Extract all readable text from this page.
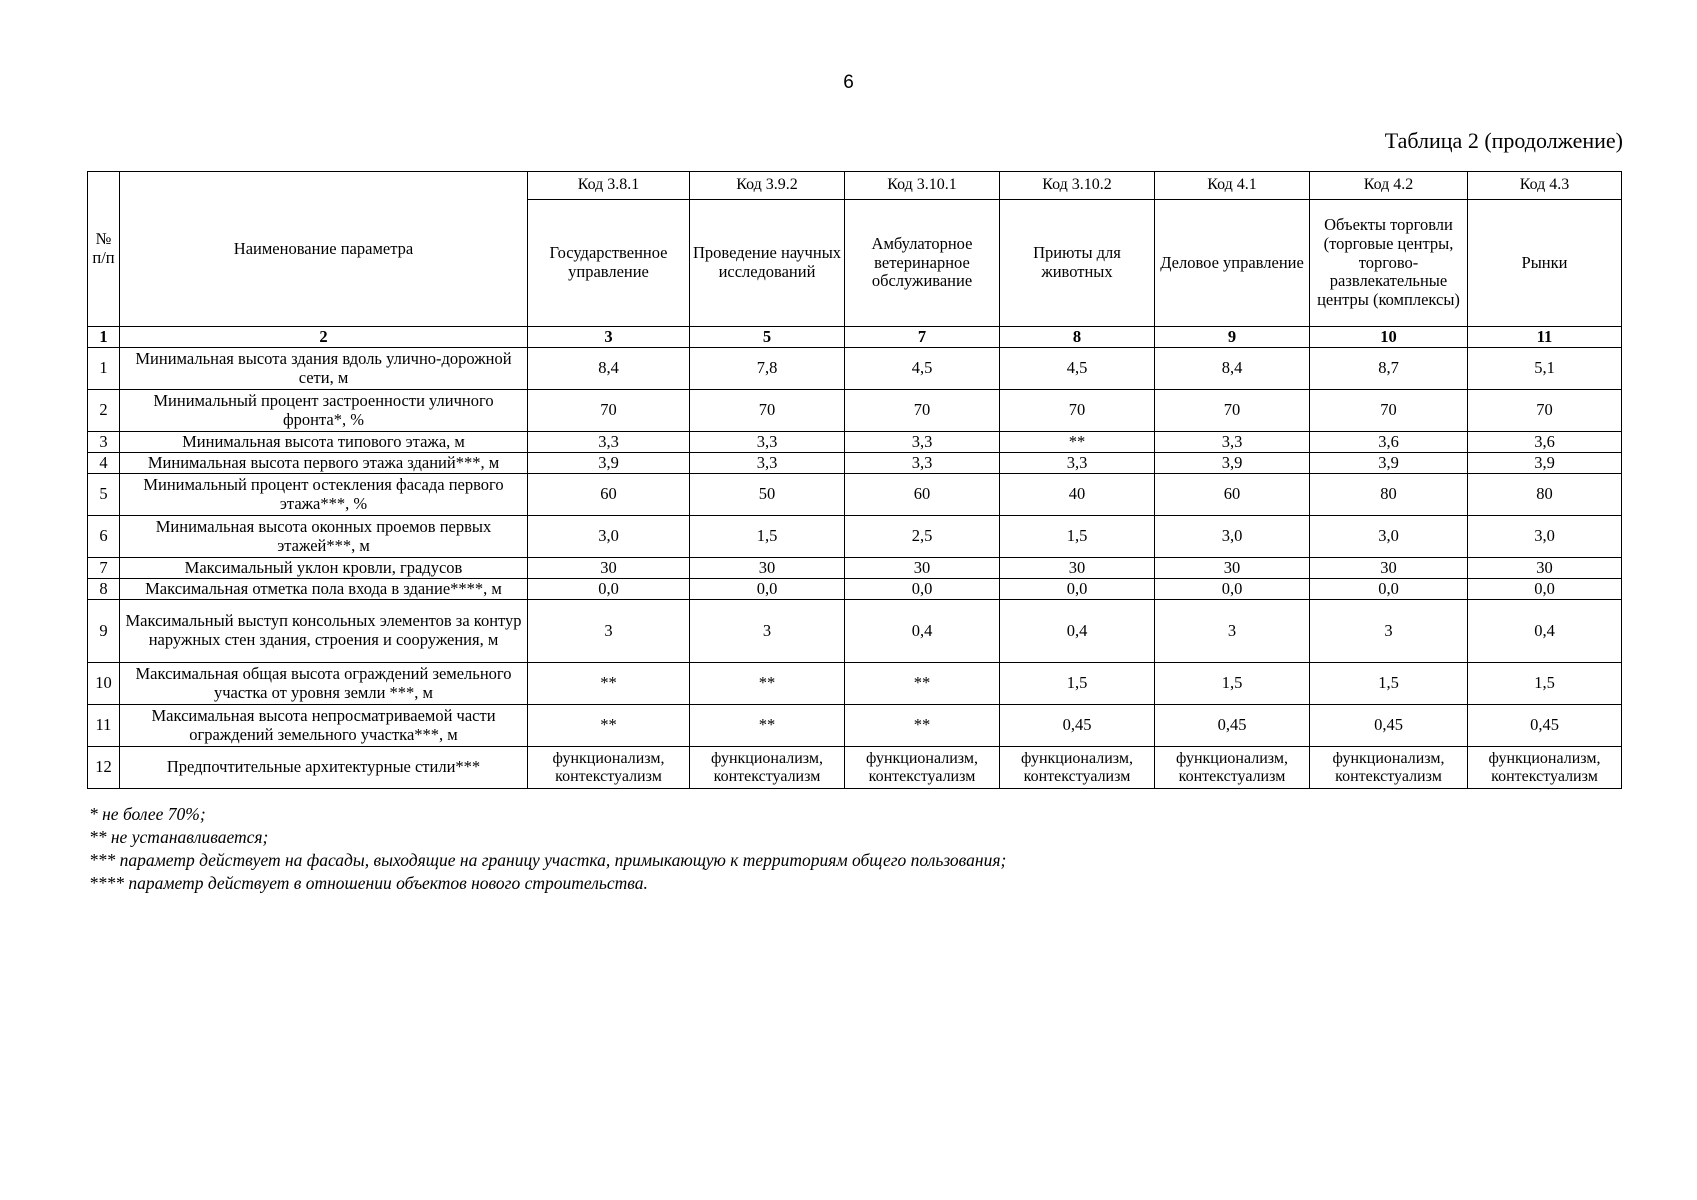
6
Таблица 2 (продолжение)
№ п/п	Наименование параметра	Код 3.8.1	Код 3.9.2	Код 3.10.1	Код 3.10.2	Код 4.1	Код 4.2	Код 4.3
		Государственное управление	Проведение научных исследований	Амбулаторное ветеринарное обслуживание	Приюты для животных	Деловое управление	Объекты торговли (торговые центры, торгово-развлекательные центры (комплексы)	Рынки
1	2	3	5	7	8	9	10	11
1	Минимальная высота здания вдоль улично-дорожной сети, м	8,4	7,8	4,5	4,5	8,4	8,7	5,1
2	Минимальный процент застроенности уличного фронта*, %	70	70	70	70	70	70	70
3	Минимальная высота типового этажа, м	3,3	3,3	3,3	**	3,3	3,6	3,6
4	Минимальная высота первого этажа зданий***, м	3,9	3,3	3,3	3,3	3,9	3,9	3,9
5	Минимальный процент остекления фасада первого этажа***, %	60	50	60	40	60	80	80
6	Минимальная высота оконных проемов первых этажей***, м	3,0	1,5	2,5	1,5	3,0	3,0	3,0
7	Максимальный уклон кровли, градусов	30	30	30	30	30	30	30
8	Максимальная отметка пола входа в здание****, м	0,0	0,0	0,0	0,0	0,0	0,0	0,0
9	Максимальный выступ консольных элементов за контур наружных стен здания, строения и сооружения, м	3	3	0,4	0,4	3	3	0,4
10	Максимальная общая высота ограждений земельного участка от уровня земли ***, м	**	**	**	1,5	1,5	1,5	1,5
11	Максимальная высота непросматриваемой части ограждений земельного участка***, м	**	**	**	0,45	0,45	0,45	0,45
12	Предпочтительные архитектурные стили***	функционализм, контекстуализм	функционализм, контекстуализм	функционализм, контекстуализм	функционализм, контекстуализм	функционализм, контекстуализм	функционализм, контекстуализм	функционализм, контекстуализм
* не более 70%;
** не устанавливается;
*** параметр действует на фасады, выходящие на границу участка, примыкающую к территориям общего пользования;
**** параметр действует в отношении объектов нового строительства.
